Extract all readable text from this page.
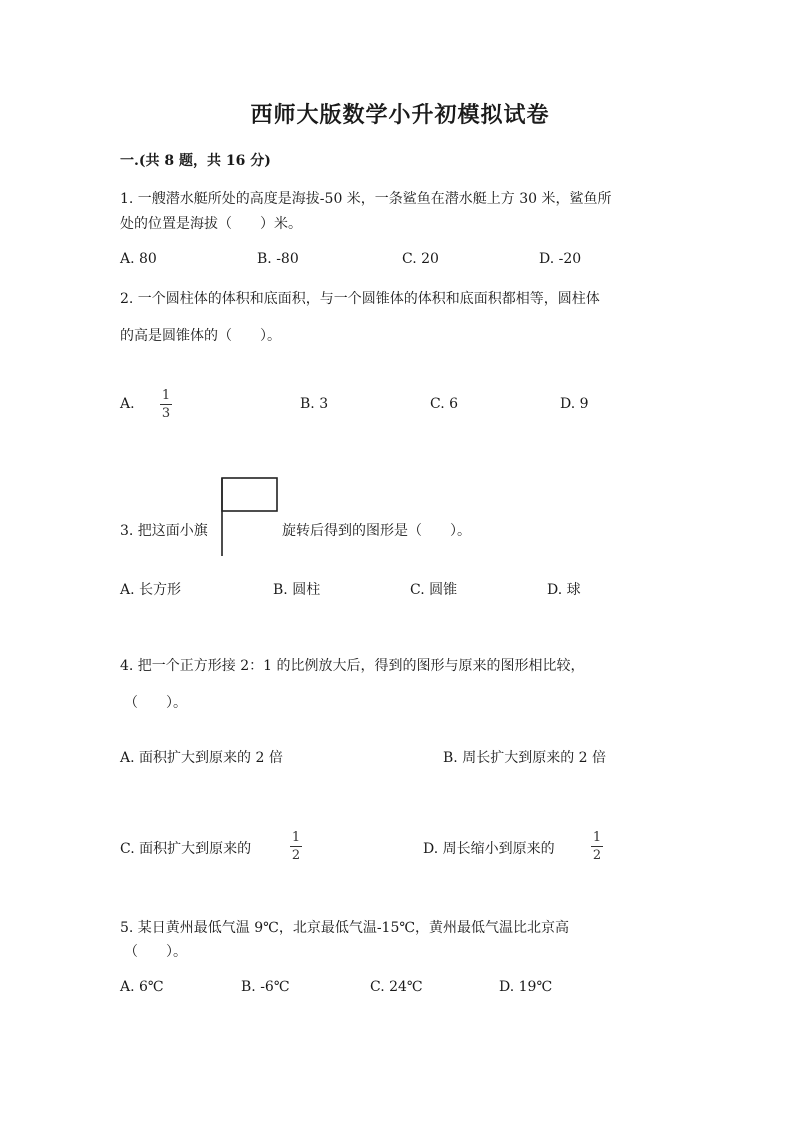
西师大版数学小升初模拟试卷
一.(共 8 题，共 16 分)
1. 一艘潜水艇所处的高度是海拔-50 米，一条鲨鱼在潜水艇上方 30 米，鲨鱼所
处的位置是海拔（　　）米。
A. 80	B. -80	C. 20	D. -20
2. 一个圆柱体的体积和底面积，与一个圆锥体的体积和底面积都相等，圆柱体
的高是圆锥体的（　　）。
A.
1
3
B. 3	C. 6	D. 9
3. 把这面小旗	旋转后得到的图形是（　　）。
A. 长方形	B. 圆柱	C. 圆锥	D. 球
4. 把一个正方形接 2：1 的比例放大后，得到的图形与原来的图形相比较，
（　　）。
A. 面积扩大到原来的 2 倍	B. 周长扩大到原来的 2 倍
C. 面积扩大到原来的
1
2	D. 周长缩小到原来的
1
2
5. 某日黄州最低气温 9℃，北京最低气温-15℃，黄州最低气温比北京高
（　　）。
A. 6℃	B. -6℃	C. 24℃	D. 19℃
